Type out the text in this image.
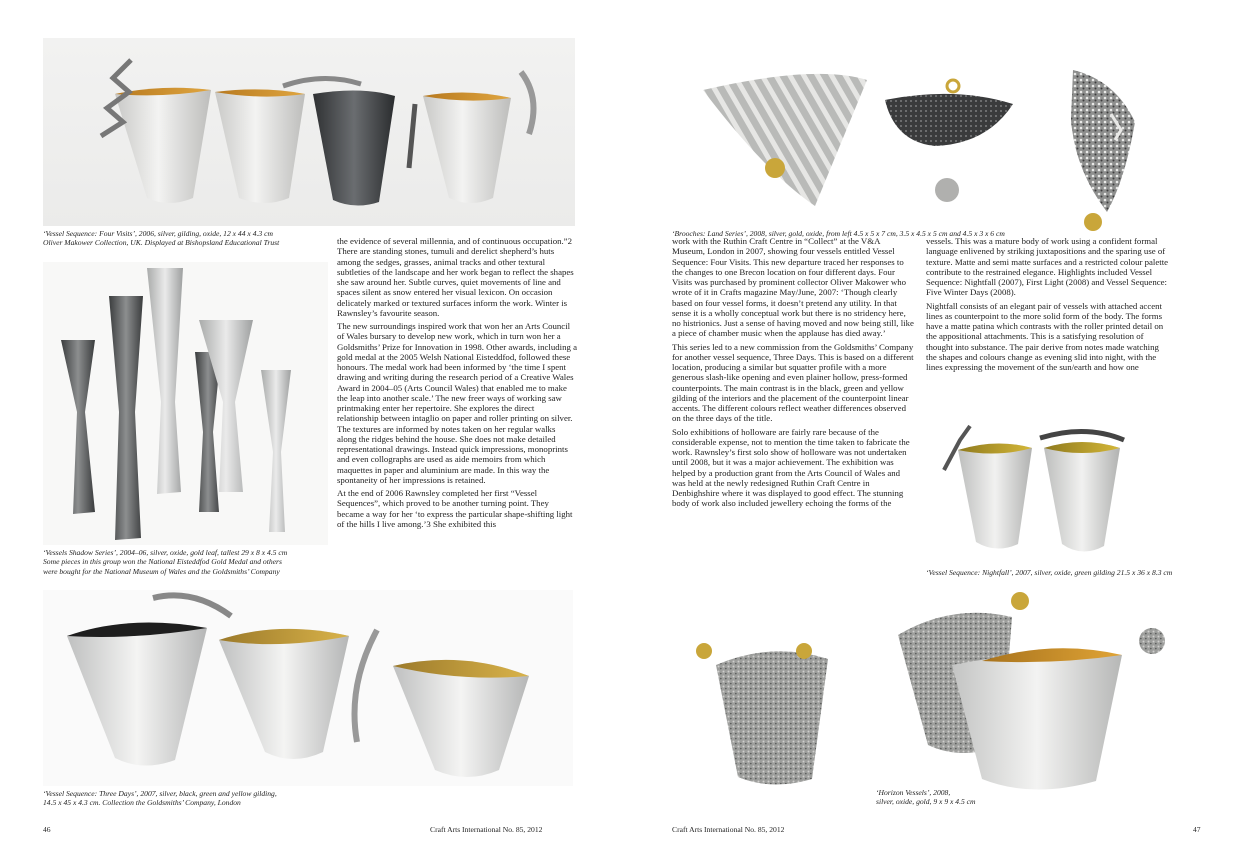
‘Vessel Sequence: Four Visits’, 2006, silver, gilding, oxide, 12 x 44 x 4.3 cm
Oliver Makower Collection, UK. Displayed at Bishopsland Educational Trust
‘Vessels Shadow Series’, 2004–06, silver, oxide, gold leaf, tallest 29 x 8 x 4.5 cm
Some pieces in this group won the National Eisteddfod Gold Medal and others
were bought for the National Museum of Wales and the Goldsmiths’ Company

the evidence of several millennia, and of continuous occupation.”2 There are standing stones, tumuli and derelict shepherd’s huts among the sedges, grasses, animal tracks and other textural subtleties of the landscape and her work began to reflect the shapes she saw around her. Subtle curves, quiet movements of line and spaces silent as snow entered her visual lexicon. On occasion delicately marked or textured surfaces inform the work. Winter is Rawnsley’s favourite season.

The new surroundings inspired work that won her an Arts Council of Wales bursary to develop new work, which in turn won her a Goldsmiths’ Prize for Innovation in 1998. Other awards, including a gold medal at the 2005 Welsh National Eisteddfod, followed these honours. The medal work had been informed by ‘the time I spent drawing and writing during the research period of a Creative Wales Award in 2004–05 (Arts Council Wales) that enabled me to make the leap into another scale.’ The new freer ways of working saw printmaking enter her repertoire. She explores the direct relationship between intaglio on paper and roller printing on silver. The textures are informed by notes taken on her regular walks along the ridges behind the house. She does not make detailed representational drawings. Instead quick impressions, monoprints and even collographs are used as aide memoirs from which maquettes in paper and aluminium are made. In this way the spontaneity of her impressions is retained.

At the end of 2006 Rawnsley completed her first “Vessel Sequences”, which proved to be another turning point. They became a way for her ‘to express the particular shape-shifting light of the hills I live among.’3 She exhibited this

‘Vessel Sequence: Three Days’, 2007, silver, black, green and yellow gilding,
14.5 x 45 x 4.3 cm. Collection the Goldsmiths’ Company, London
46	Craft Arts International No. 85, 2012
‘Brooches: Land Series’, 2008, silver, gold, oxide, from left 4.5 x 5 x 7 cm, 3.5 x 4.5 x 5 cm and 4.5 x 3 x 6 cm

work with the Ruthin Craft Centre in “Collect” at the V&A Museum, London in 2007, showing four vessels entitled Vessel Sequence: Four Visits. This new departure traced her responses to the changes to one Brecon location on four different days. Four Visits was purchased by prominent collector Oliver Makower who wrote of it in Crafts magazine May/June, 2007: ‘Though clearly based on four vessel forms, it doesn’t pretend any utility. In that sense it is a wholly conceptual work but there is no stridency here, no histrionics. Just a sense of having moved and now being still, like a piece of chamber music when the applause has died away.’

This series led to a new commission from the Goldsmiths’ Company for another vessel sequence, Three Days. This is based on a different location, producing a similar but squatter profile with a more generous slash-like opening and even plainer hollow, press-formed counterpoints. The main contrast is in the black, green and yellow gilding of the interiors and the placement of the counterpoint linear accents. The different colours reflect weather differences observed on the three days of the title.

Solo exhibitions of holloware are fairly rare because of the considerable expense, not to mention the time taken to fabricate the work. Rawnsley’s first solo show of holloware was not undertaken until 2008, but it was a major achievement. The exhibition was helped by a production grant from the Arts Council of Wales and was held at the newly redesigned Ruthin Craft Centre in Denbighshire where it was displayed to good effect. The stunning body of work also included jewellery echoing the forms of the

vessels. This was a mature body of work using a confident formal language enlivened by striking juxtapositions and the sparing use of texture. Matte and semi matte surfaces and a restricted colour palette contribute to the restrained elegance. Highlights included Vessel Sequence: Nightfall (2007), First Light (2008) and Vessel Sequence: Five Winter Days (2008).

Nightfall consists of an elegant pair of vessels with attached accent lines as counterpoint to the more solid form of the body. The forms have a matte patina which contrasts with the roller printed detail on the appositional attachments. This is a satisfying resolution of thought into substance. The pair derive from notes made watching the shapes and colours change as evening slid into night, with the lines expressing the movement of the sun/earth and how one

‘Vessel Sequence: Nightfall’, 2007, silver, oxide, green gilding 21.5 x 36 x 8.3 cm
‘Horizon Vessels’, 2008,
silver, oxide, gold, 9 x 9 x 4.5 cm
Craft Arts International No. 85, 2012	47
